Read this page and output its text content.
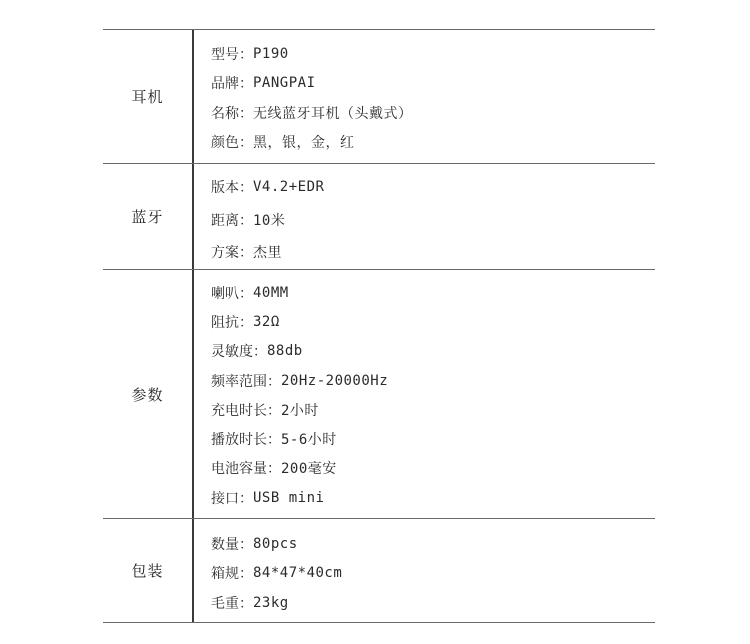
耳机
型号 ：	P190
品牌 ：	PANGPAI
名称 ：	无线蓝牙耳机（头戴式）
颜色 ：	黑，银，金，红
蓝牙
版本 ：	V4.2+EDR
距离 ：	10米
方案 ：	杰里
参数
喇叭 ：	40MM
阻抗 ：	32Ω
灵敏度 ：	88db
频率范围 ：	20Hz-20000Hz
充电时长 ：	2小时
播放时长 ：	5-6小时
电池容量 ：	200毫安
接口 ：	USB mini
包装
数量 ：	80pcs
箱规 ：	84*47*40cm
毛重 ：	23kg
